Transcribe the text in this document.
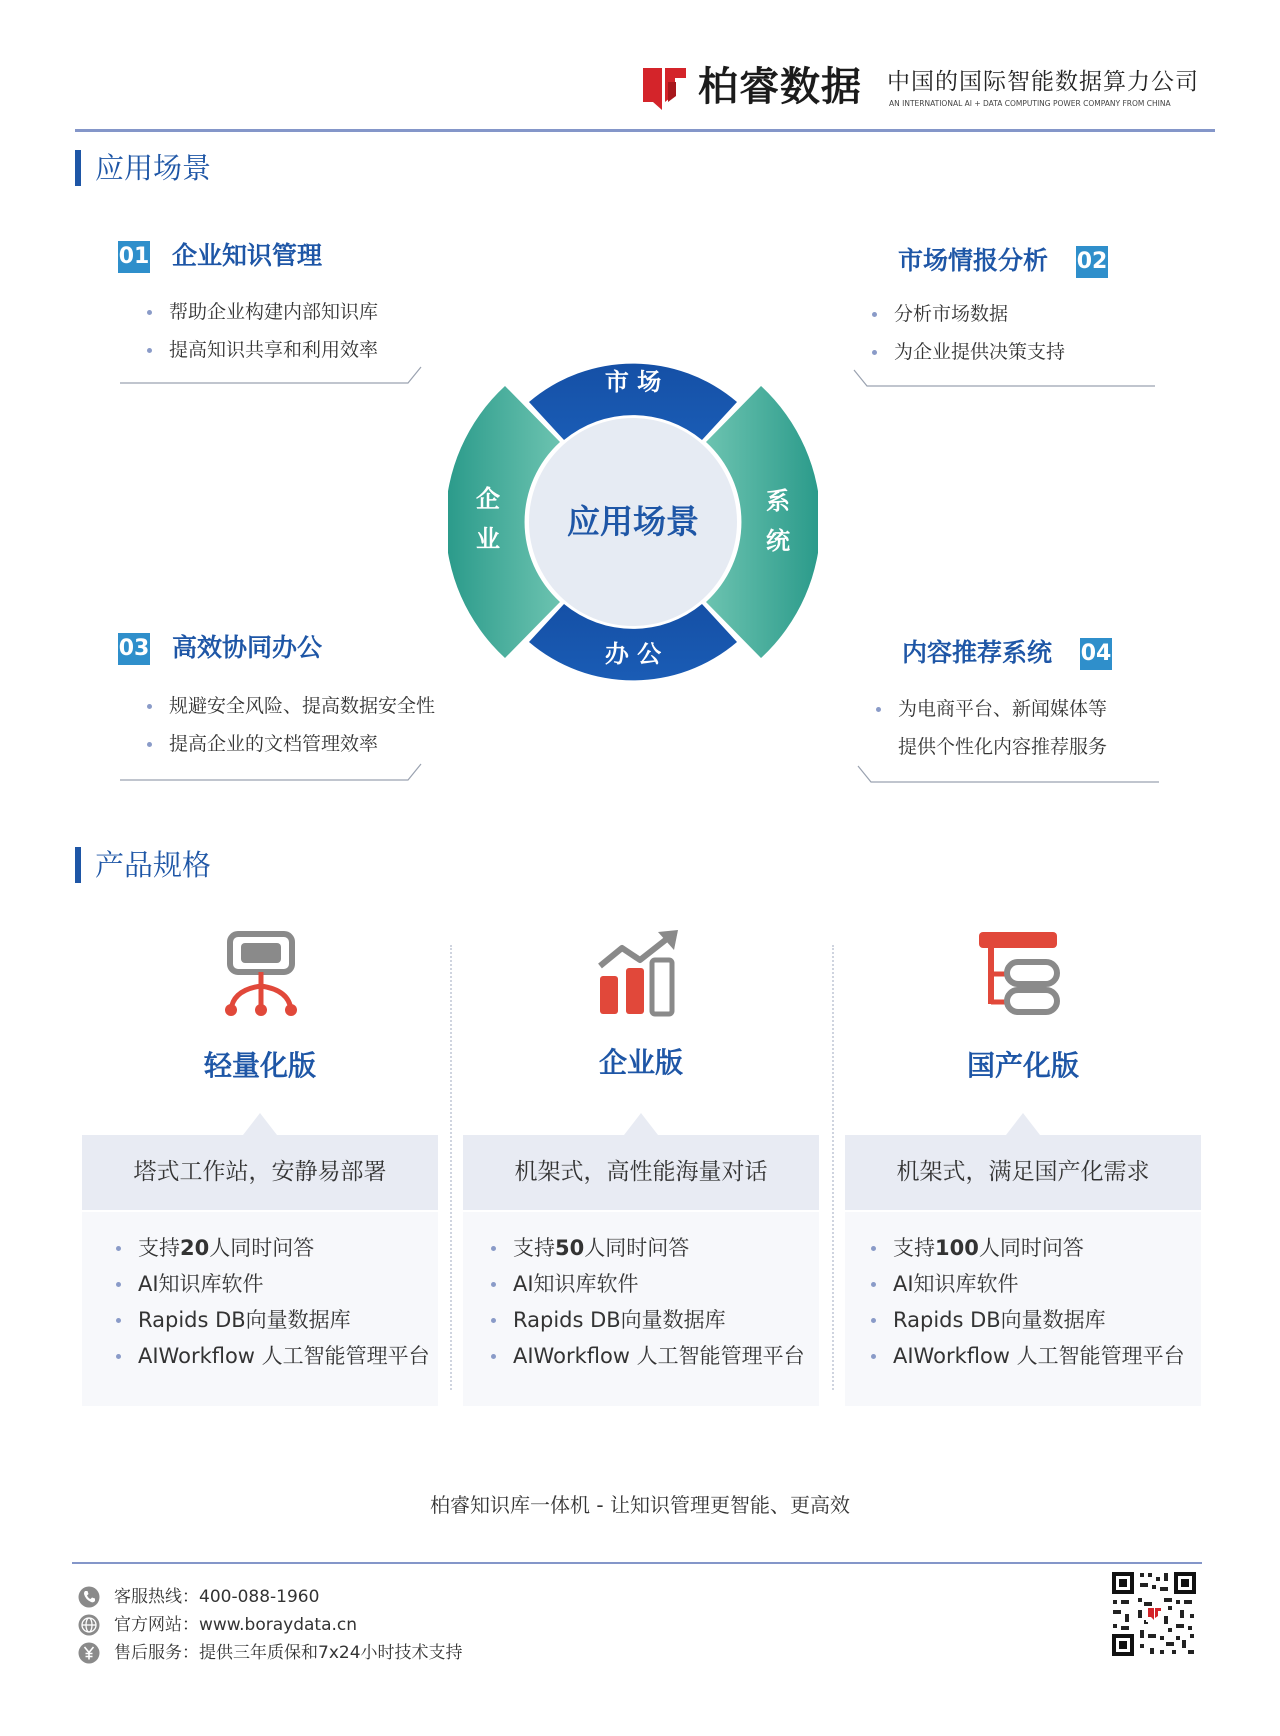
柏睿数据 中国的国际智能数据算力公司
AN INTERNATIONAL AI + DATA COMPUTING POWER COMPANY FROM CHINA
应用场景
01 企业知识管理
帮助企业构建内部知识库
提高知识共享和利用效率
市场情报分析 02
分析市场数据
为企业提供决策支持
03 高效协同办公
规避安全风险、提高数据安全性
提高企业的文档管理效率
内容推荐系统 04
为电商平台、新闻媒体等
提供个性化内容推荐服务
应用场景
市 场
办 公
企
业
系
统
产品规格
轻量化版
塔式工作站，安静易部署
支持20人同时问答
AI知识库软件
Rapids DB向量数据库
AIWorkflow 人工智能管理平台
企业版
机架式，高性能海量对话
支持50人同时问答
AI知识库软件
Rapids DB向量数据库
AIWorkflow 人工智能管理平台
国产化版
机架式，满足国产化需求
支持100人同时问答
AI知识库软件
Rapids DB向量数据库
AIWorkflow 人工智能管理平台
柏睿知识库一体机 - 让知识管理更智能、更高效
客服热线：400-088-1960
官方网站：www.boraydata.cn
售后服务：提供三年质保和7x24小时技术支持
